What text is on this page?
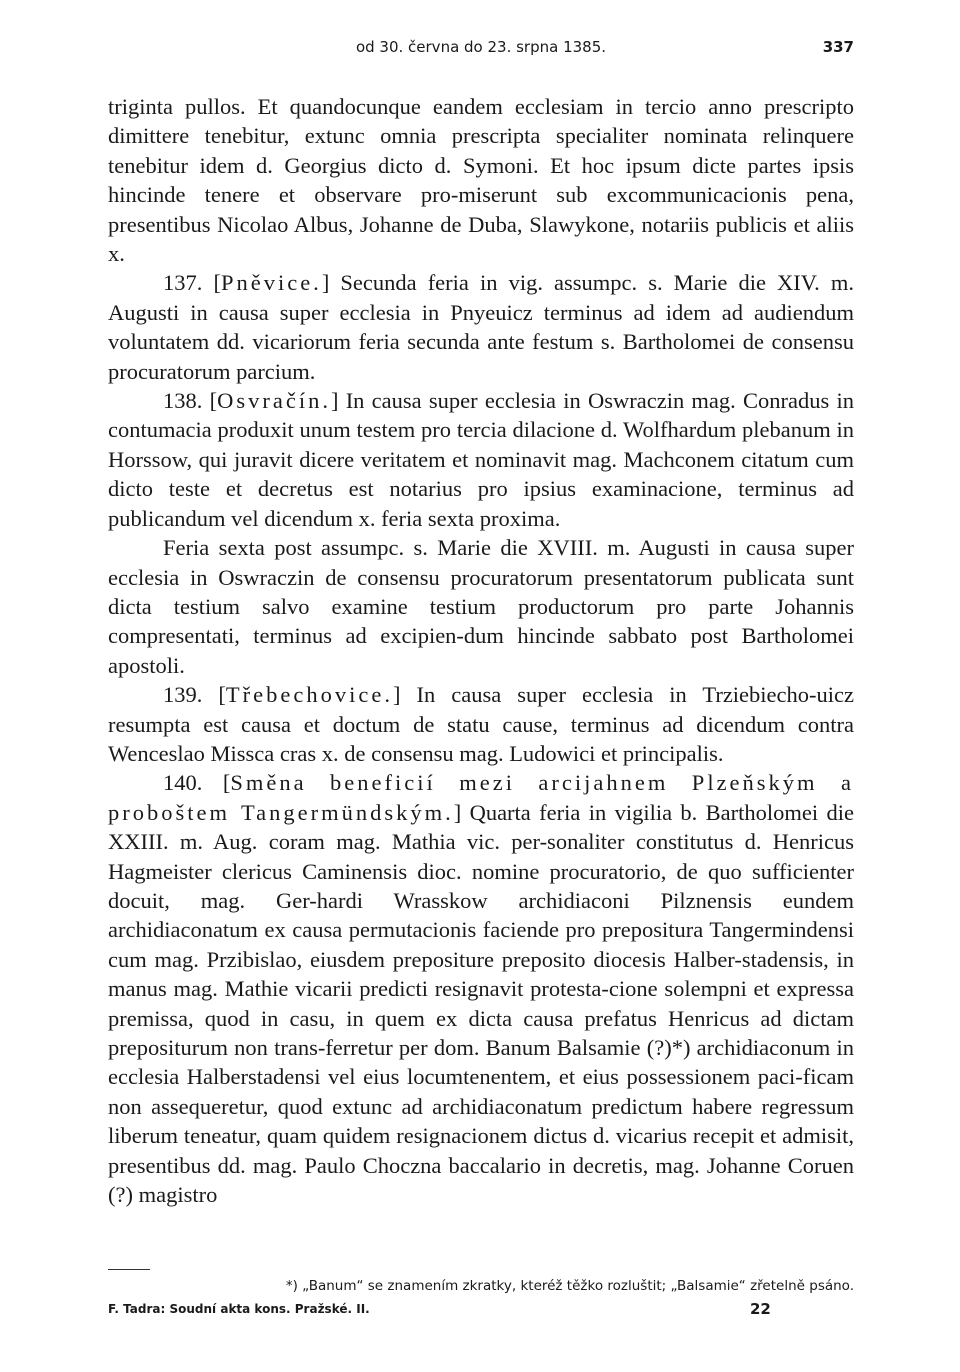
od 30. června do 23. srpna 1385.	337

triginta pullos. Et quandocunque eandem ecclesiam in tercio anno prescripto dimittere tenebitur, extunc omnia prescripta specialiter nominata relinquere tenebitur idem d. Georgius dicto d. Symoni. Et hoc ipsum dicte partes ipsis hincinde tenere et observare pro-miserunt sub excommunicacionis pena, presentibus Nicolao Albus, Johanne de Duba, Slawykone, notariis publicis et aliis x.

137. [Pněvice.] Secunda feria in vig. assumpc. s. Marie die XIV. m. Augusti in causa super ecclesia in Pnyeuicz terminus ad idem ad audiendum voluntatem dd. vicariorum feria secunda ante festum s. Bartholomei de consensu procuratorum parcium.

138. [Osvračín.] In causa super ecclesia in Oswraczin mag. Conradus in contumacia produxit unum testem pro tercia dilacione d. Wolfhardum plebanum in Horssow, qui juravit dicere veritatem et nominavit mag. Machconem citatum cum dicto teste et decretus est notarius pro ipsius examinacione, terminus ad publicandum vel dicendum x. feria sexta proxima.

Feria sexta post assumpc. s. Marie die XVIII. m. Augusti in causa super ecclesia in Oswraczin de consensu procuratorum presentatorum publicata sunt dicta testium salvo examine testium productorum pro parte Johannis compresentati, terminus ad excipien-dum hincinde sabbato post Bartholomei apostoli.

139. [Třebechovice.] In causa super ecclesia in Trziebiecho-uicz resumpta est causa et doctum de statu cause, terminus ad dicendum contra Wenceslao Missca cras x. de consensu mag. Ludowici et principalis.

140. [Směna beneficií mezi arcijahnem Plzeňským a proboštem Tangermündským.] Quarta feria in vigilia b. Bartholomei die XXIII. m. Aug. coram mag. Mathia vic. per-sonaliter constitutus d. Henricus Hagmeister clericus Caminensis dioc. nomine procuratorio, de quo sufficienter docuit, mag. Ger-hardi Wrasskow archidiaconi Pilznensis eundem archidiaconatum ex causa permutacionis faciende pro prepositura Tangermindensi cum mag. Przibislao, eiusdem prepositure preposito diocesis Halber-stadensis, in manus mag. Mathie vicarii predicti resignavit protesta-cione solempni et expressa premissa, quod in casu, in quem ex dicta causa prefatus Henricus ad dictam prepositurum non trans-ferretur per dom. Banum Balsamie (?)*) archidiaconum in ecclesia Halberstadensi vel eius locumtenentem, et eius possessionem paci-ficam non assequeretur, quod extunc ad archidiaconatum predictum habere regressum liberum teneatur, quam quidem resignacionem dictus d. vicarius recepit et admisit, presentibus dd. mag. Paulo Choczna baccalario in decretis, mag. Johanne Coruen (?) magistro

*) „Banum“ se znamením zkratky, kteréž těžko rozluštit; „Balsamie“ zřetelně psáno.
F. Tadra: Soudní akta kons. Pražské. II.	22
